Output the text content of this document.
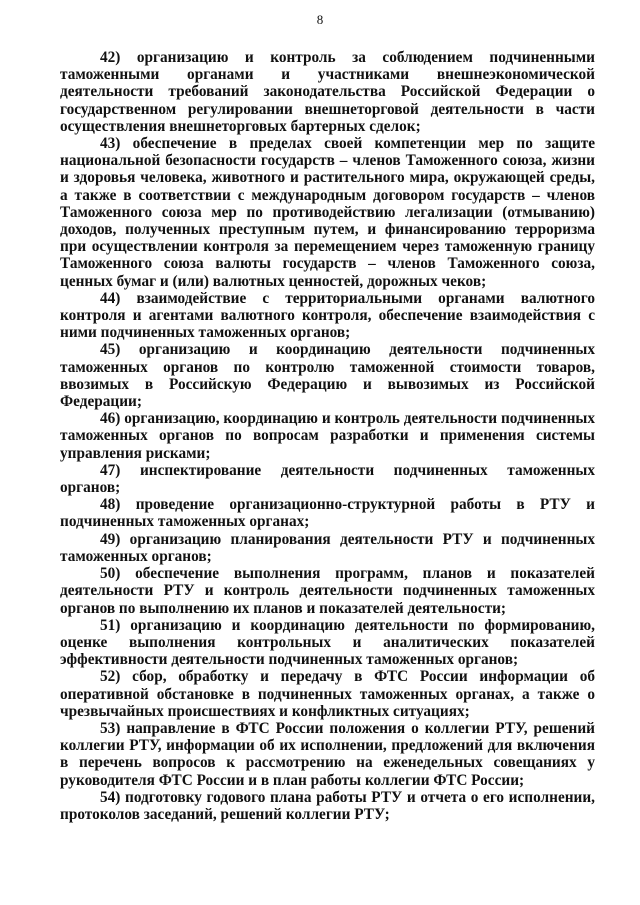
8

42) организацию и контроль за соблюдением подчиненными таможенными органами и участниками внешнеэкономической деятельности требований законодательства Российской Федерации о государственном регулировании внешнеторговой деятельности в части осуществления внешнеторговых бартерных сделок;

43) обеспечение в пределах своей компетенции мер по защите национальной безопасности государств – членов Таможенного союза, жизни и здоровья человека, животного и растительного мира, окружающей среды, а также в соответствии с международным договором государств – членов Таможенного союза мер по противодействию легализации (отмыванию) доходов, полученных преступным путем, и финансированию терроризма при осуществлении контроля за перемещением через таможенную границу Таможенного союза валюты государств – членов Таможенного союза, ценных бумаг и (или) валютных ценностей, дорожных чеков;

44) взаимодействие с территориальными органами валютного контроля и агентами валютного контроля, обеспечение взаимодействия с ними подчиненных таможенных органов;

45) организацию и координацию деятельности подчиненных таможенных органов по контролю таможенной стоимости товаров, ввозимых в Российскую Федерацию и вывозимых из Российской Федерации;

46) организацию, координацию и контроль деятельности подчиненных таможенных органов по вопросам разработки и применения системы управления рисками;

47) инспектирование деятельности подчиненных таможенных органов;

48) проведение организационно-структурной работы в РТУ и подчиненных таможенных органах;

49) организацию планирования деятельности РТУ и подчиненных таможенных органов;

50) обеспечение выполнения программ, планов и показателей деятельности РТУ и контроль деятельности подчиненных таможенных органов по выполнению их планов и показателей деятельности;

51) организацию и координацию деятельности по формированию, оценке выполнения контрольных и аналитических показателей эффективности деятельности подчиненных таможенных органов;

52) сбор, обработку и передачу в ФТС России информации об оперативной обстановке в подчиненных таможенных органах, а также о чрезвычайных происшествиях и конфликтных ситуациях;

53) направление в ФТС России положения о коллегии РТУ, решений коллегии РТУ, информации об их исполнении, предложений для включения в перечень вопросов к рассмотрению на еженедельных совещаниях у руководителя ФТС России и в план работы коллегии ФТС России;

54) подготовку годового плана работы РТУ и отчета о его исполнении, протоколов заседаний, решений коллегии РТУ;
